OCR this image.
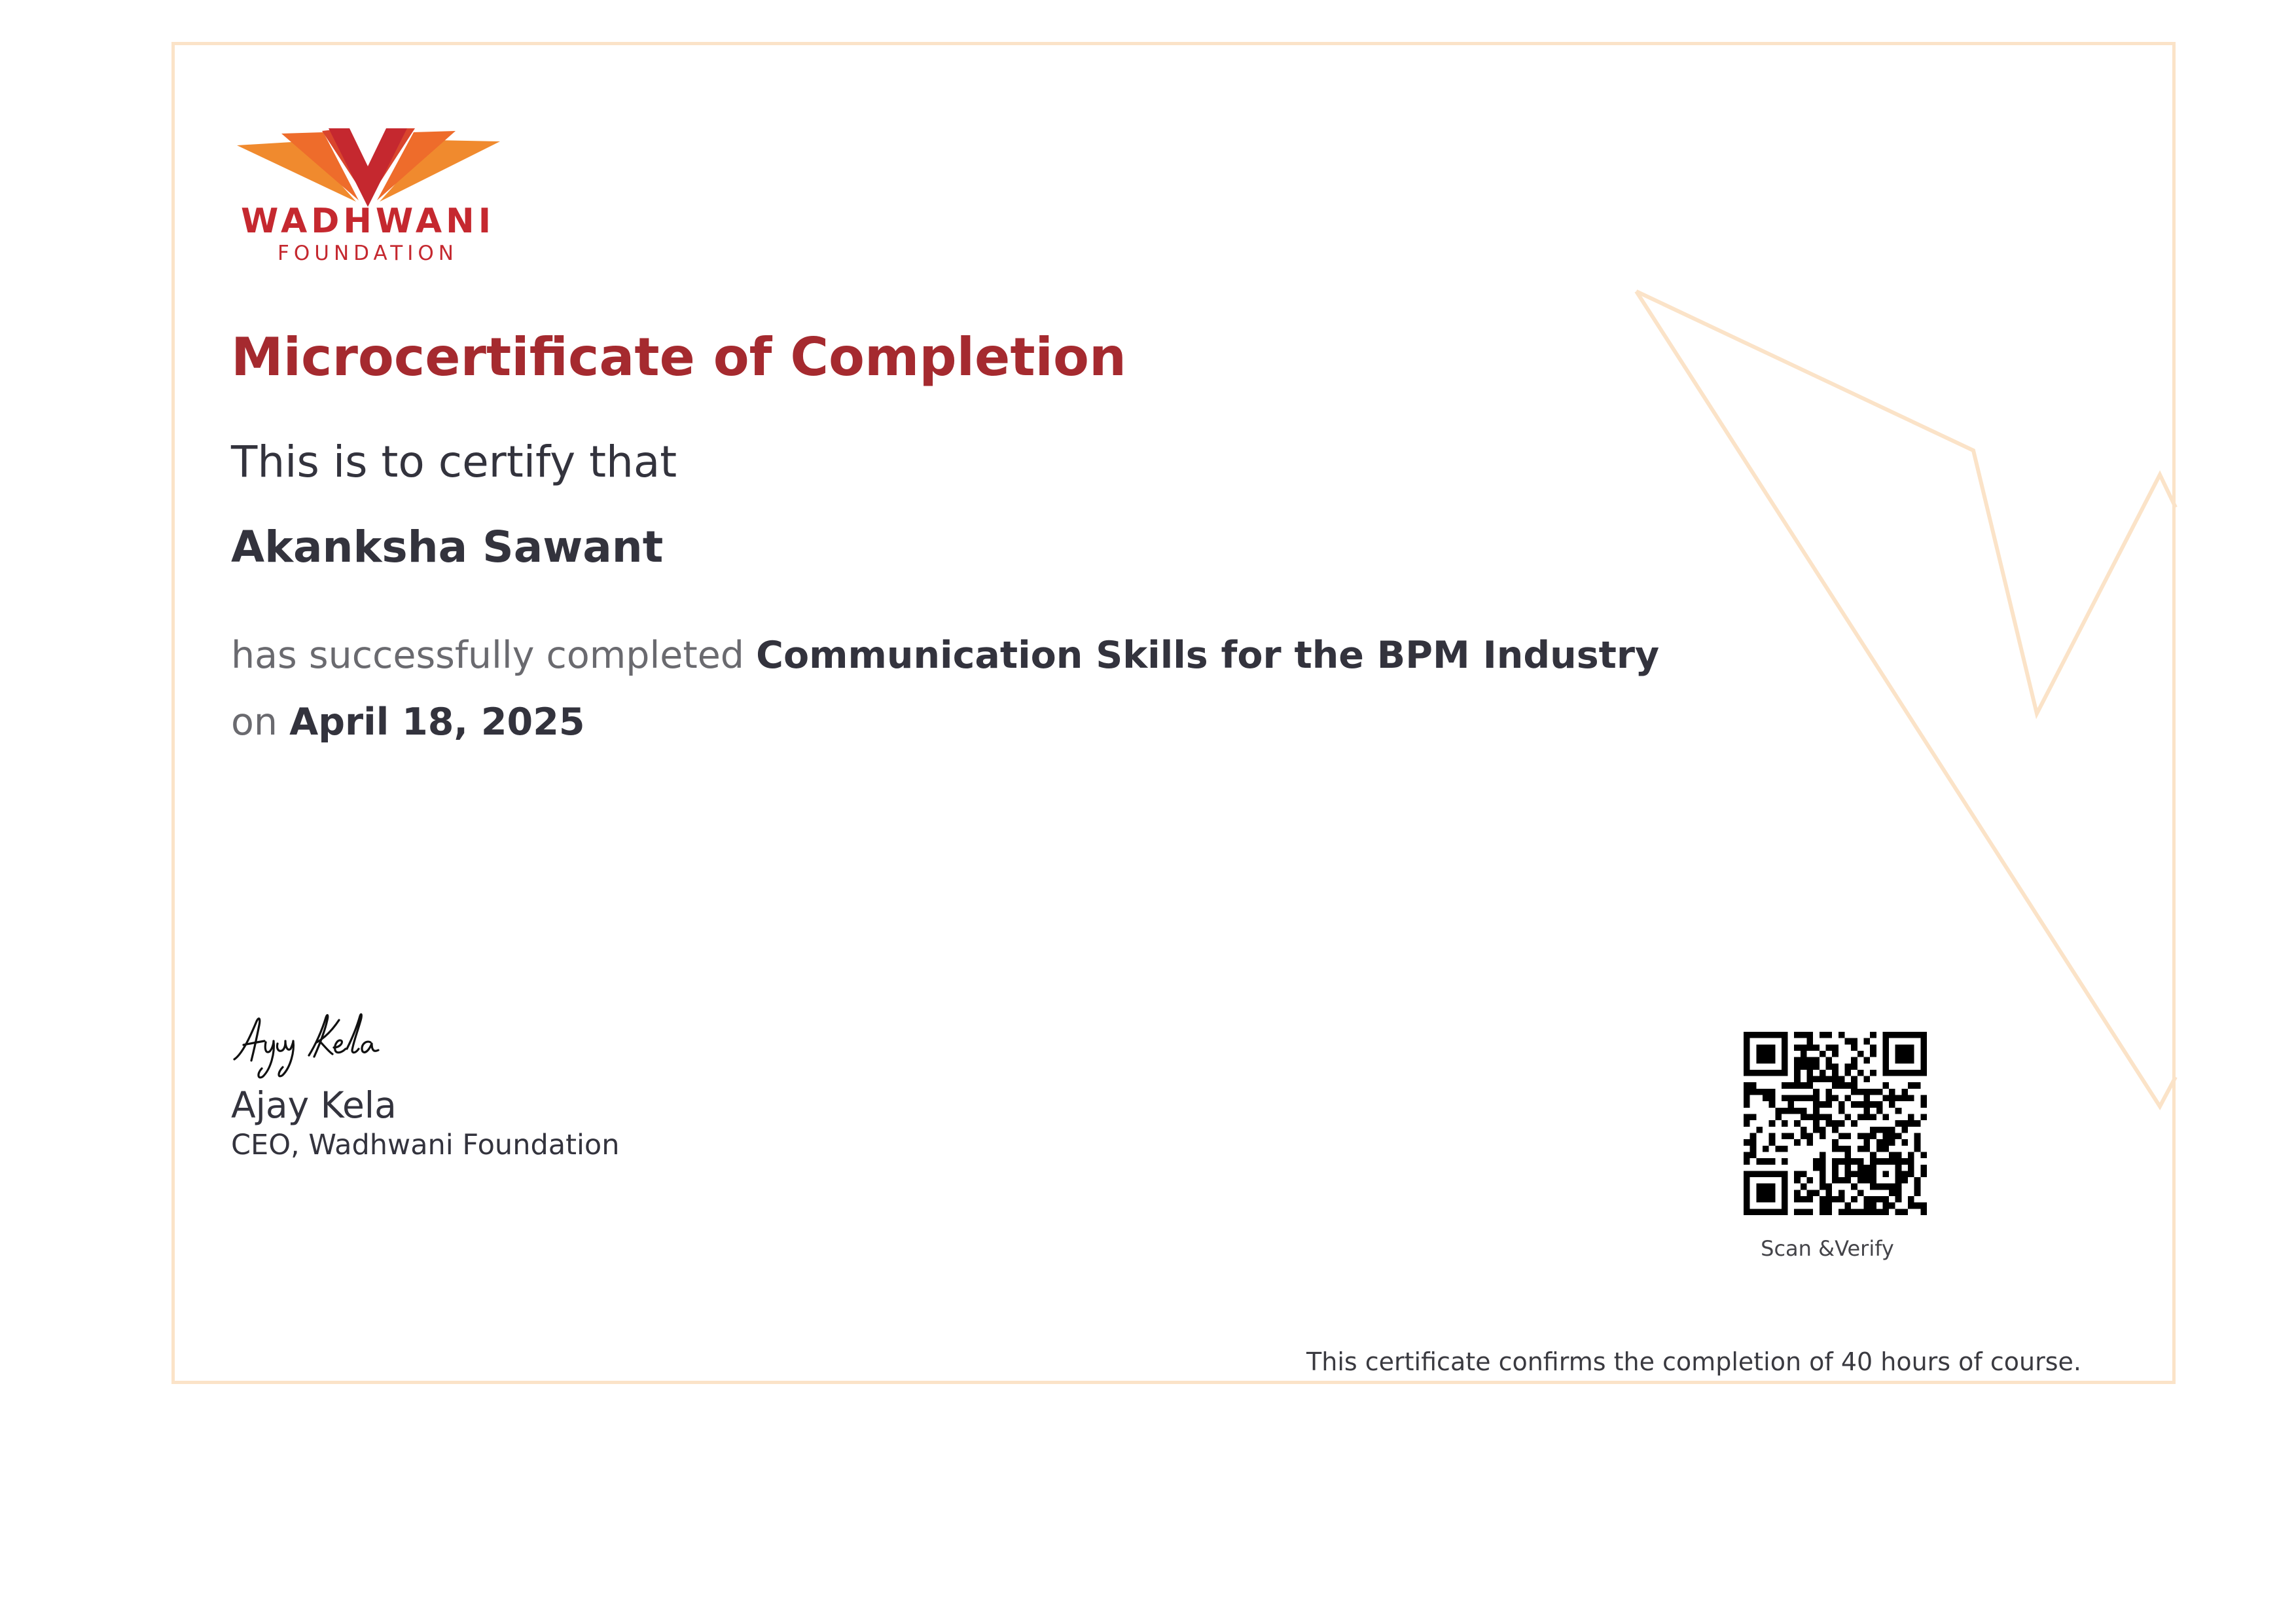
WADHWANI
FOUNDATION
Microcertificate of Completion
This is to certify that
Akanksha Sawant
has successfully completed Communication Skills for the BPM Industry
on April 18, 2025
Ajay Kela
CEO, Wadhwani Foundation
Scan &Verify
This certificate confirms the completion of 40 hours of course.
